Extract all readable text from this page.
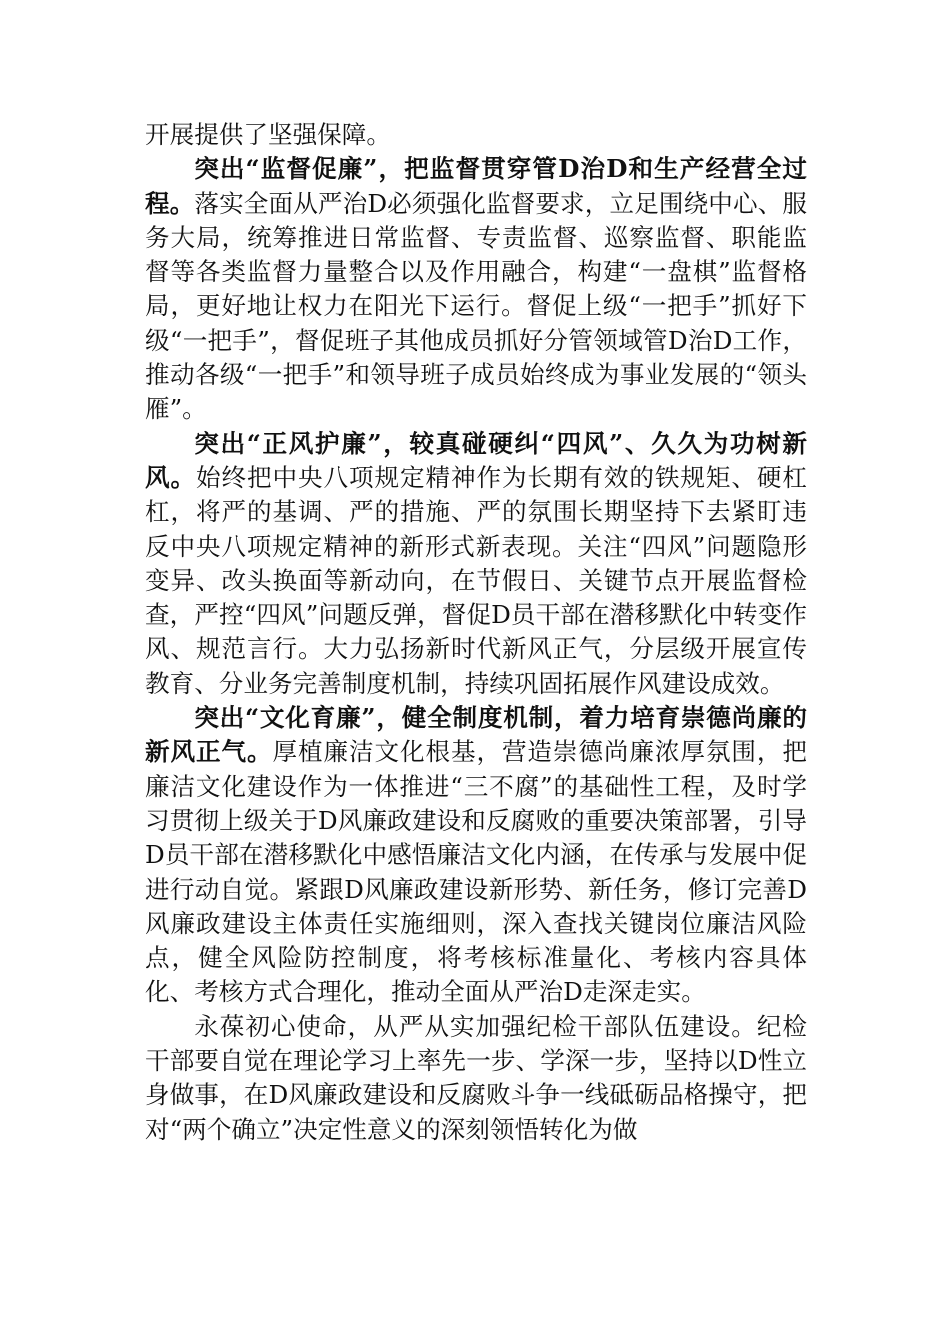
开展提供了坚强保障。

突出“监督促廉”，把监督贯穿管D治D和生产经营全过程。落实全面从严治D必须强化监督要求，立足围绕中心、服务大局，统筹推进日常监督、专责监督、巡察监督、职能监督等各类监督力量整合以及作用融合，构建“一盘棋”监督格局，更好地让权力在阳光下运行。督促上级“一把手”抓好下级“一把手”，督促班子其他成员抓好分管领域管D治D工作，推动各级“一把手”和领导班子成员始终成为事业发展的“领头雁”。

突出“正风护廉”，较真碰硬纠“四风”、久久为功树新风。始终把中央八项规定精神作为长期有效的铁规矩、硬杠杠，将严的基调、严的措施、严的氛围长期坚持下去紧盯违反中央八项规定精神的新形式新表现。关注“四风”问题隐形变异、改头换面等新动向，在节假日、关键节点开展监督检查，严控“四风”问题反弹，督促D员干部在潜移默化中转变作风、规范言行。大力弘扬新时代新风正气，分层级开展宣传教育、分业务完善制度机制，持续巩固拓展作风建设成效。

突出“文化育廉”，健全制度机制，着力培育崇德尚廉的新风正气。厚植廉洁文化根基，营造崇德尚廉浓厚氛围，把廉洁文化建设作为一体推进“三不腐”的基础性工程，及时学习贯彻上级关于D风廉政建设和反腐败的重要决策部署，引导D员干部在潜移默化中感悟廉洁文化内涵，在传承与发展中促进行动自觉。紧跟D风廉政建设新形势、新任务，修订完善D风廉政建设主体责任实施细则，深入查找关键岗位廉洁风险点，健全风险防控制度，将考核标准量化、考核内容具体化、考核方式合理化，推动全面从严治D走深走实。

永葆初心使命，从严从实加强纪检干部队伍建设。纪检干部要自觉在理论学习上率先一步、学深一步，坚持以D性立身做事，在D风廉政建设和反腐败斗争一线砥砺品格操守，把对“两个确立”决定性意义的深刻领悟转化为做
